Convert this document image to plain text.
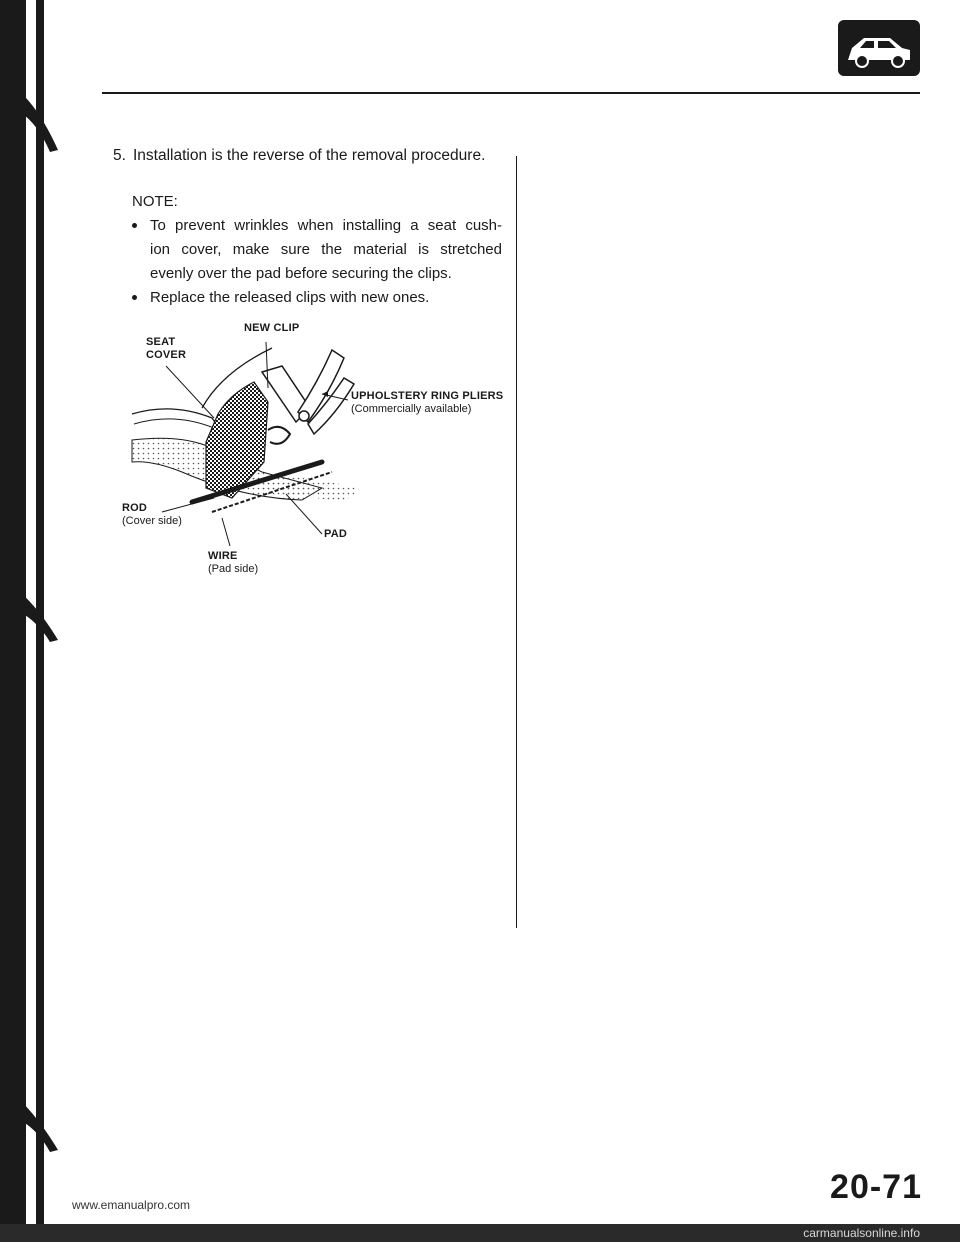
5. Installation is the reverse of the removal procedure.
NOTE:
To prevent wrinkles when installing a seat cush-
ion cover, make sure the material is stretched
evenly over the pad before securing the clips.
Replace the released clips with new ones.
NEW CLIP
SEAT
COVER
UPHOLSTERY RING PLIERS
(Commercially available)
ROD
(Cover side)
PAD
WIRE
(Pad side)
20-71
www.emanualpro.com
carmanualsonline.info
